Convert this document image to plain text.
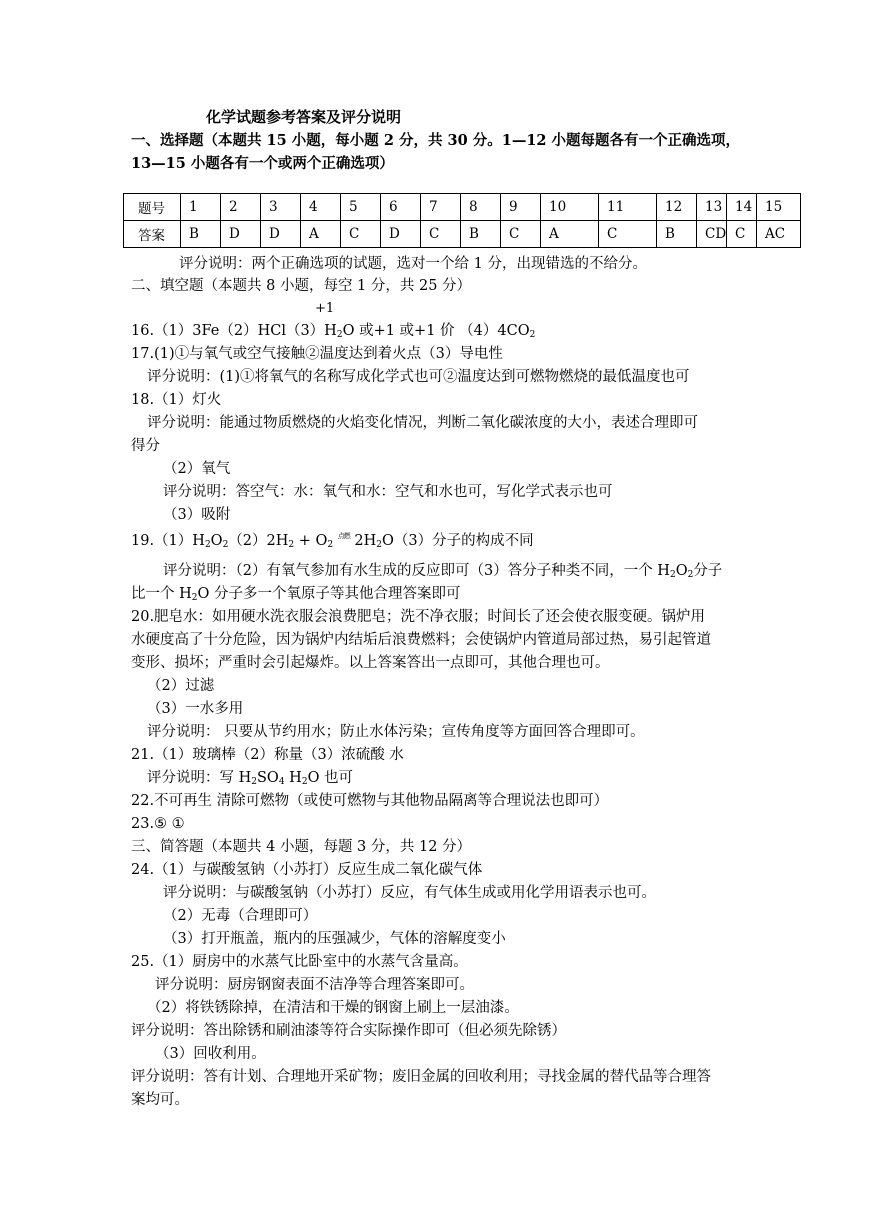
化学试题参考答案及评分说明
一、选择题（本题共 15 小题，每小题 2 分，共 30 分。1—12 小题每题各有一个正确选项，
13—15 小题各有一个或两个正确选项）
题号	1	2	3	4	5	6	7	8	9	10	11	12	13	14	15
答案	B	D	D	A	C	D	C	B	C	A	C	B	CD	C	AC
评分说明：两个正确选项的试题，选对一个给 1 分，出现错选的不给分。
二、填空题（本题共 8 小题，每空 1 分，共 25 分）
+1
$16.(1)3Fe(2)HCl(3)H_2O$ 或+1 或+1 价 $(4)4CO_2$
17.(1)①与氧气或空气接触②温度达到着火点（3）导电性
评分说明：(1)①将氧气的名称写成化学式也可②温度达到可燃物燃烧的最低温度也可
18.（1）灯火
评分说明：能通过物质燃烧的火焰变化情况，判断二氧化碳浓度的大小，表述合理即可
得分
（2）氧气
评分说明：答空气：水：氧气和水：空气和水也可，写化学式表示也可
（3）吸附
$19.(1)H_2O_2(2)2H_2 + O_2$ $^{点燃}$ $2H_2O(3)$分子的构成不同
评分说明：（2）有氧气参加有水生成的反应即可（3）答分子种类不同，一个 $H_2O_2$分子
比一个 $H_2O$ 分子多一个氧原子等其他合理答案即可
20.肥皂水：如用硬水洗衣服会浪费肥皂；洗不净衣服；时间长了还会使衣服变硬。锅炉用
水硬度高了十分危险，因为锅炉内结垢后浪费燃料；会使锅炉内管道局部过热，易引起管道
变形、损坏；严重时会引起爆炸。以上答案答出一点即可，其他合理也可。
（2）过滤
（3）一水多用
评分说明： 只要从节约用水；防止水体污染；宣传角度等方面回答合理即可。
21.（1）玻璃棒（2）称量（3）浓硫酸 水
评分说明：写 $H_2SO_4$ $H_2O$ 也可
22.不可再生 清除可燃物（或使可燃物与其他物品隔离等合理说法也即可）
23.⑤ ①
三、简答题（本题共 4 小题，每题 3 分，共 12 分）
24.（1）与碳酸氢钠（小苏打）反应生成二氧化碳气体
评分说明：与碳酸氢钠（小苏打）反应，有气体生成或用化学用语表示也可。
（2）无毒（合理即可）
（3）打开瓶盖，瓶内的压强减少，气体的溶解度变小
25.（1）厨房中的水蒸气比卧室中的水蒸气含量高。
评分说明：厨房钢窗表面不洁净等合理答案即可。
（2）将铁锈除掉，在清洁和干燥的钢窗上刷上一层油漆。
评分说明：答出除锈和刷油漆等符合实际操作即可（但必须先除锈）
（3）回收利用。
评分说明：答有计划、合理地开采矿物；废旧金属的回收利用；寻找金属的替代品等合理答
案均可。
